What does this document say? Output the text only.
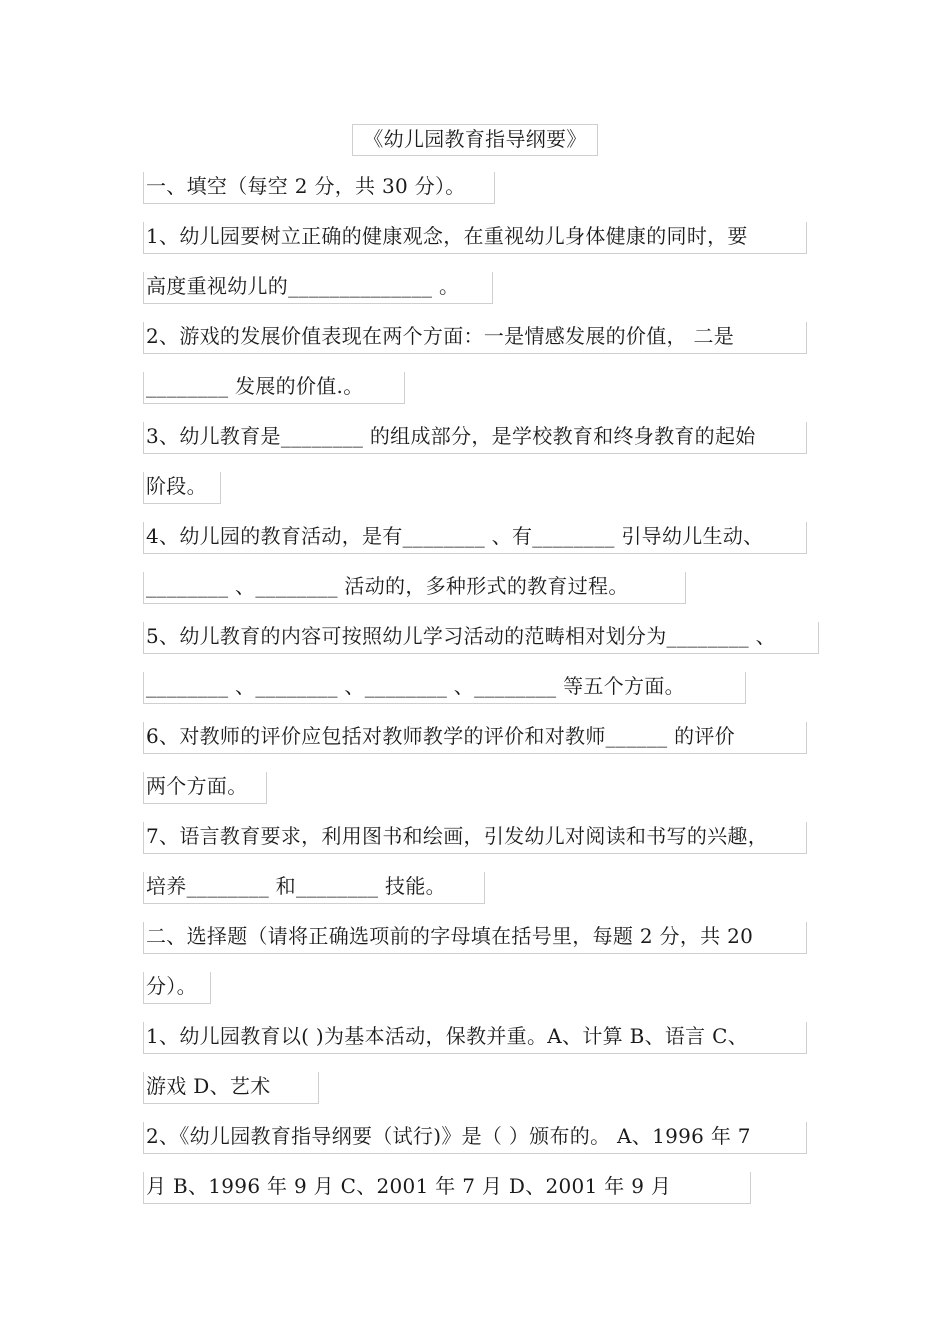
《幼儿园教育指导纲要》
一、填空（每空 2 分，共 30 分）。
1、幼儿园要树立正确的健康观念，在重视幼儿身体健康的同时，要
高度重视幼儿的______________ 。
2、游戏的发展价值表现在两个方面：一是情感发展的价值， 二是
________ 发展的价值.。
3、幼儿教育是________ 的组成部分，是学校教育和终身教育的起始
阶段。
4、幼儿园的教育活动，是有________ 、有________ 引导幼儿生动、
________ 、________ 活动的，多种形式的教育过程。
5、幼儿教育的内容可按照幼儿学习活动的范畴相对划分为________ 、
________ 、________ 、________ 、________ 等五个方面。
6、对教师的评价应包括对教师教学的评价和对教师______ 的评价
两个方面。
7、语言教育要求，利用图书和绘画，引发幼儿对阅读和书写的兴趣，
培养________ 和________ 技能。
二、选择题（请将正确选项前的字母填在括号里，每题 2 分，共 20
分）。
1、幼儿园教育以( )为基本活动，保教并重。A、计算 B、语言 C、
游戏 D、艺术
2、《幼儿园教育指导纲要（试行)》是（ ）颁布的。 A、1996 年 7
月 B、1996 年 9 月 C、2001 年 7 月 D、2001 年 9 月
